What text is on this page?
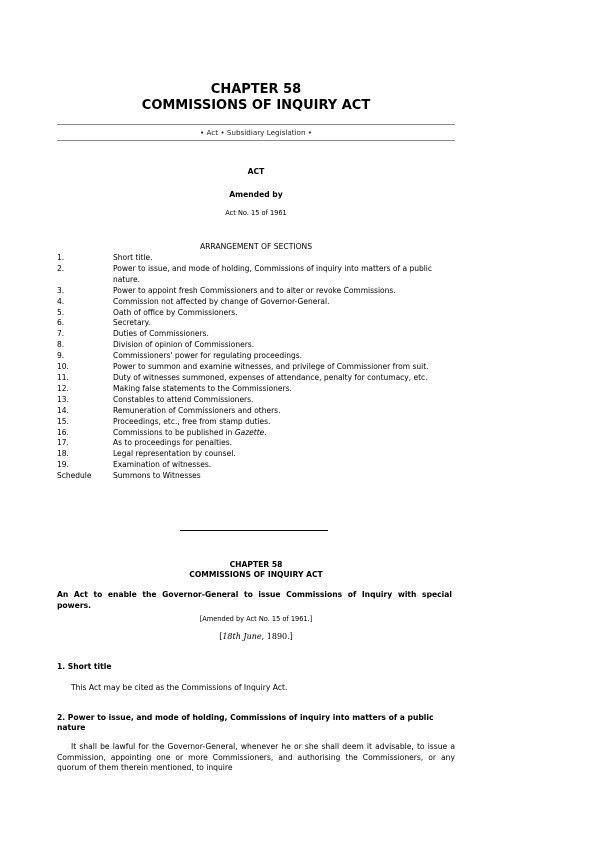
CHAPTER 58
COMMISSIONS OF INQUIRY ACT
• Act • Subsidiary Legislation •
ACT
Amended by
Act No. 15 of 1961
ARRANGEMENT OF SECTIONS
1.	Short title.
2.	Power to issue, and mode of holding, Commissions of inquiry into matters of a public nature.
3.	Power to appoint fresh Commissioners and to alter or revoke Commissions.
4.	Commission not affected by change of Governor-General.
5.	Oath of office by Commissioners.
6.	Secretary.
7.	Duties of Commissioners.
8.	Division of opinion of Commissioners.
9.	Commissioners' power for regulating proceedings.
10.	Power to summon and examine witnesses, and privilege of Commissioner from suit.
11.	Duty of witnesses summoned, expenses of attendance, penalty for contumacy, etc.
12.	Making false statements to the Commissioners.
13.	Constables to attend Commissioners.
14.	Remuneration of Commissioners and others.
15.	Proceedings, etc., free from stamp duties.
16.	Commissions to be published in Gazette.
17.	As to proceedings for penalties.
18.	Legal representation by counsel.
19.	Examination of witnesses.
Schedule	Summons to Witnesses
CHAPTER 58
COMMISSIONS OF INQUIRY ACT
An Act to enable the Governor-General to issue Commissions of Inquiry with special powers.
[Amended by Act No. 15 of 1961.]
[18th June, 1890.]
1. Short title
This Act may be cited as the Commissions of Inquiry Act.
2. Power to issue, and mode of holding, Commissions of inquiry into matters of a public nature
It shall be lawful for the Governor-General, whenever he or she shall deem it advisable, to issue a Commission, appointing one or more Commissioners, and authorising the Commissioners, or any quorum of them therein mentioned, to inquire
